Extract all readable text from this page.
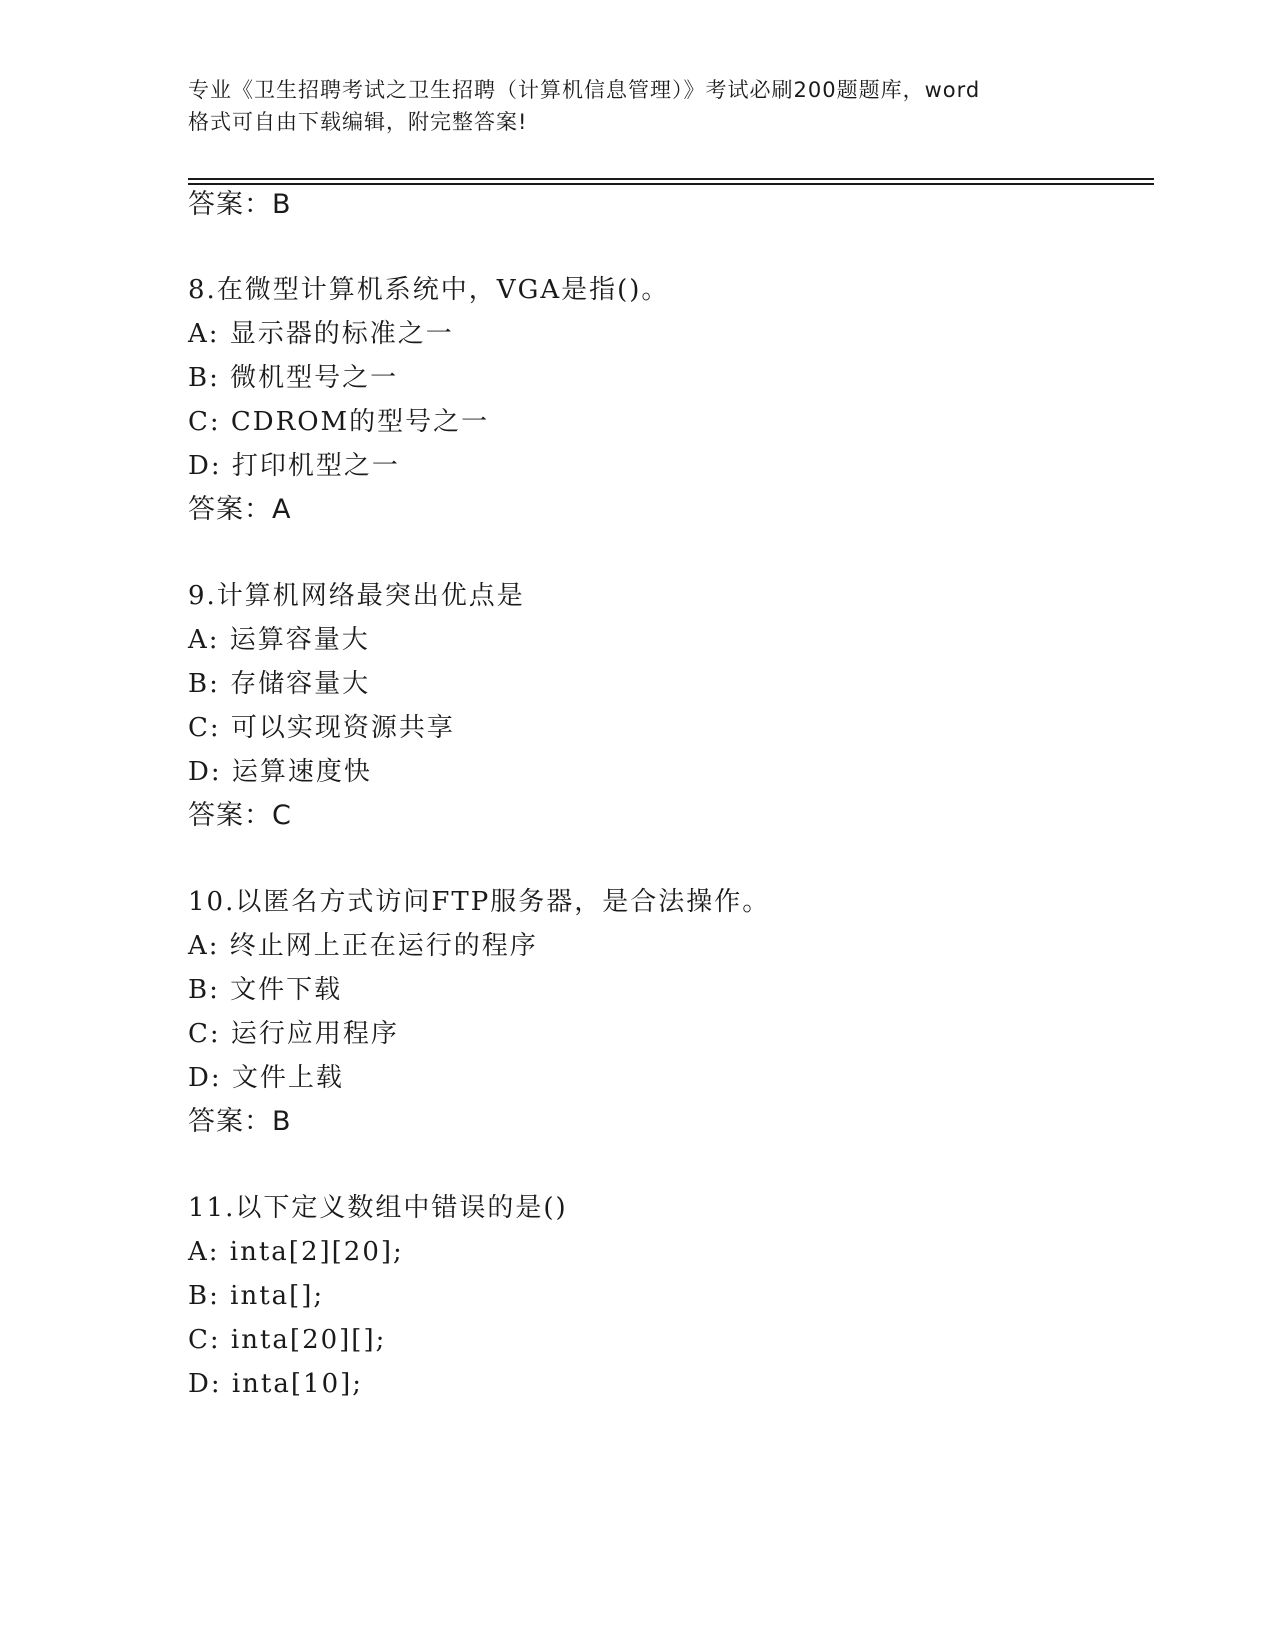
专业《卫生招聘考试之卫生招聘（计算机信息管理）》考试必刷200题题库，word
格式可自由下载编辑，附完整答案!
答案：B
8.在微型计算机系统中，VGA是指()。
A: 显示器的标准之一
B: 微机型号之一
C: CDROM的型号之一
D: 打印机型之一
答案：A
9.计算机网络最突出优点是
A: 运算容量大
B: 存储容量大
C: 可以实现资源共享
D: 运算速度快
答案：C
10.以匿名方式访问FTP服务器，是合法操作。
A: 终止网上正在运行的程序
B: 文件下载
C: 运行应用程序
D: 文件上载
答案：B
11.以下定义数组中错误的是()
A: inta[2][20];
B: inta[];
C: inta[20][];
D: inta[10];
